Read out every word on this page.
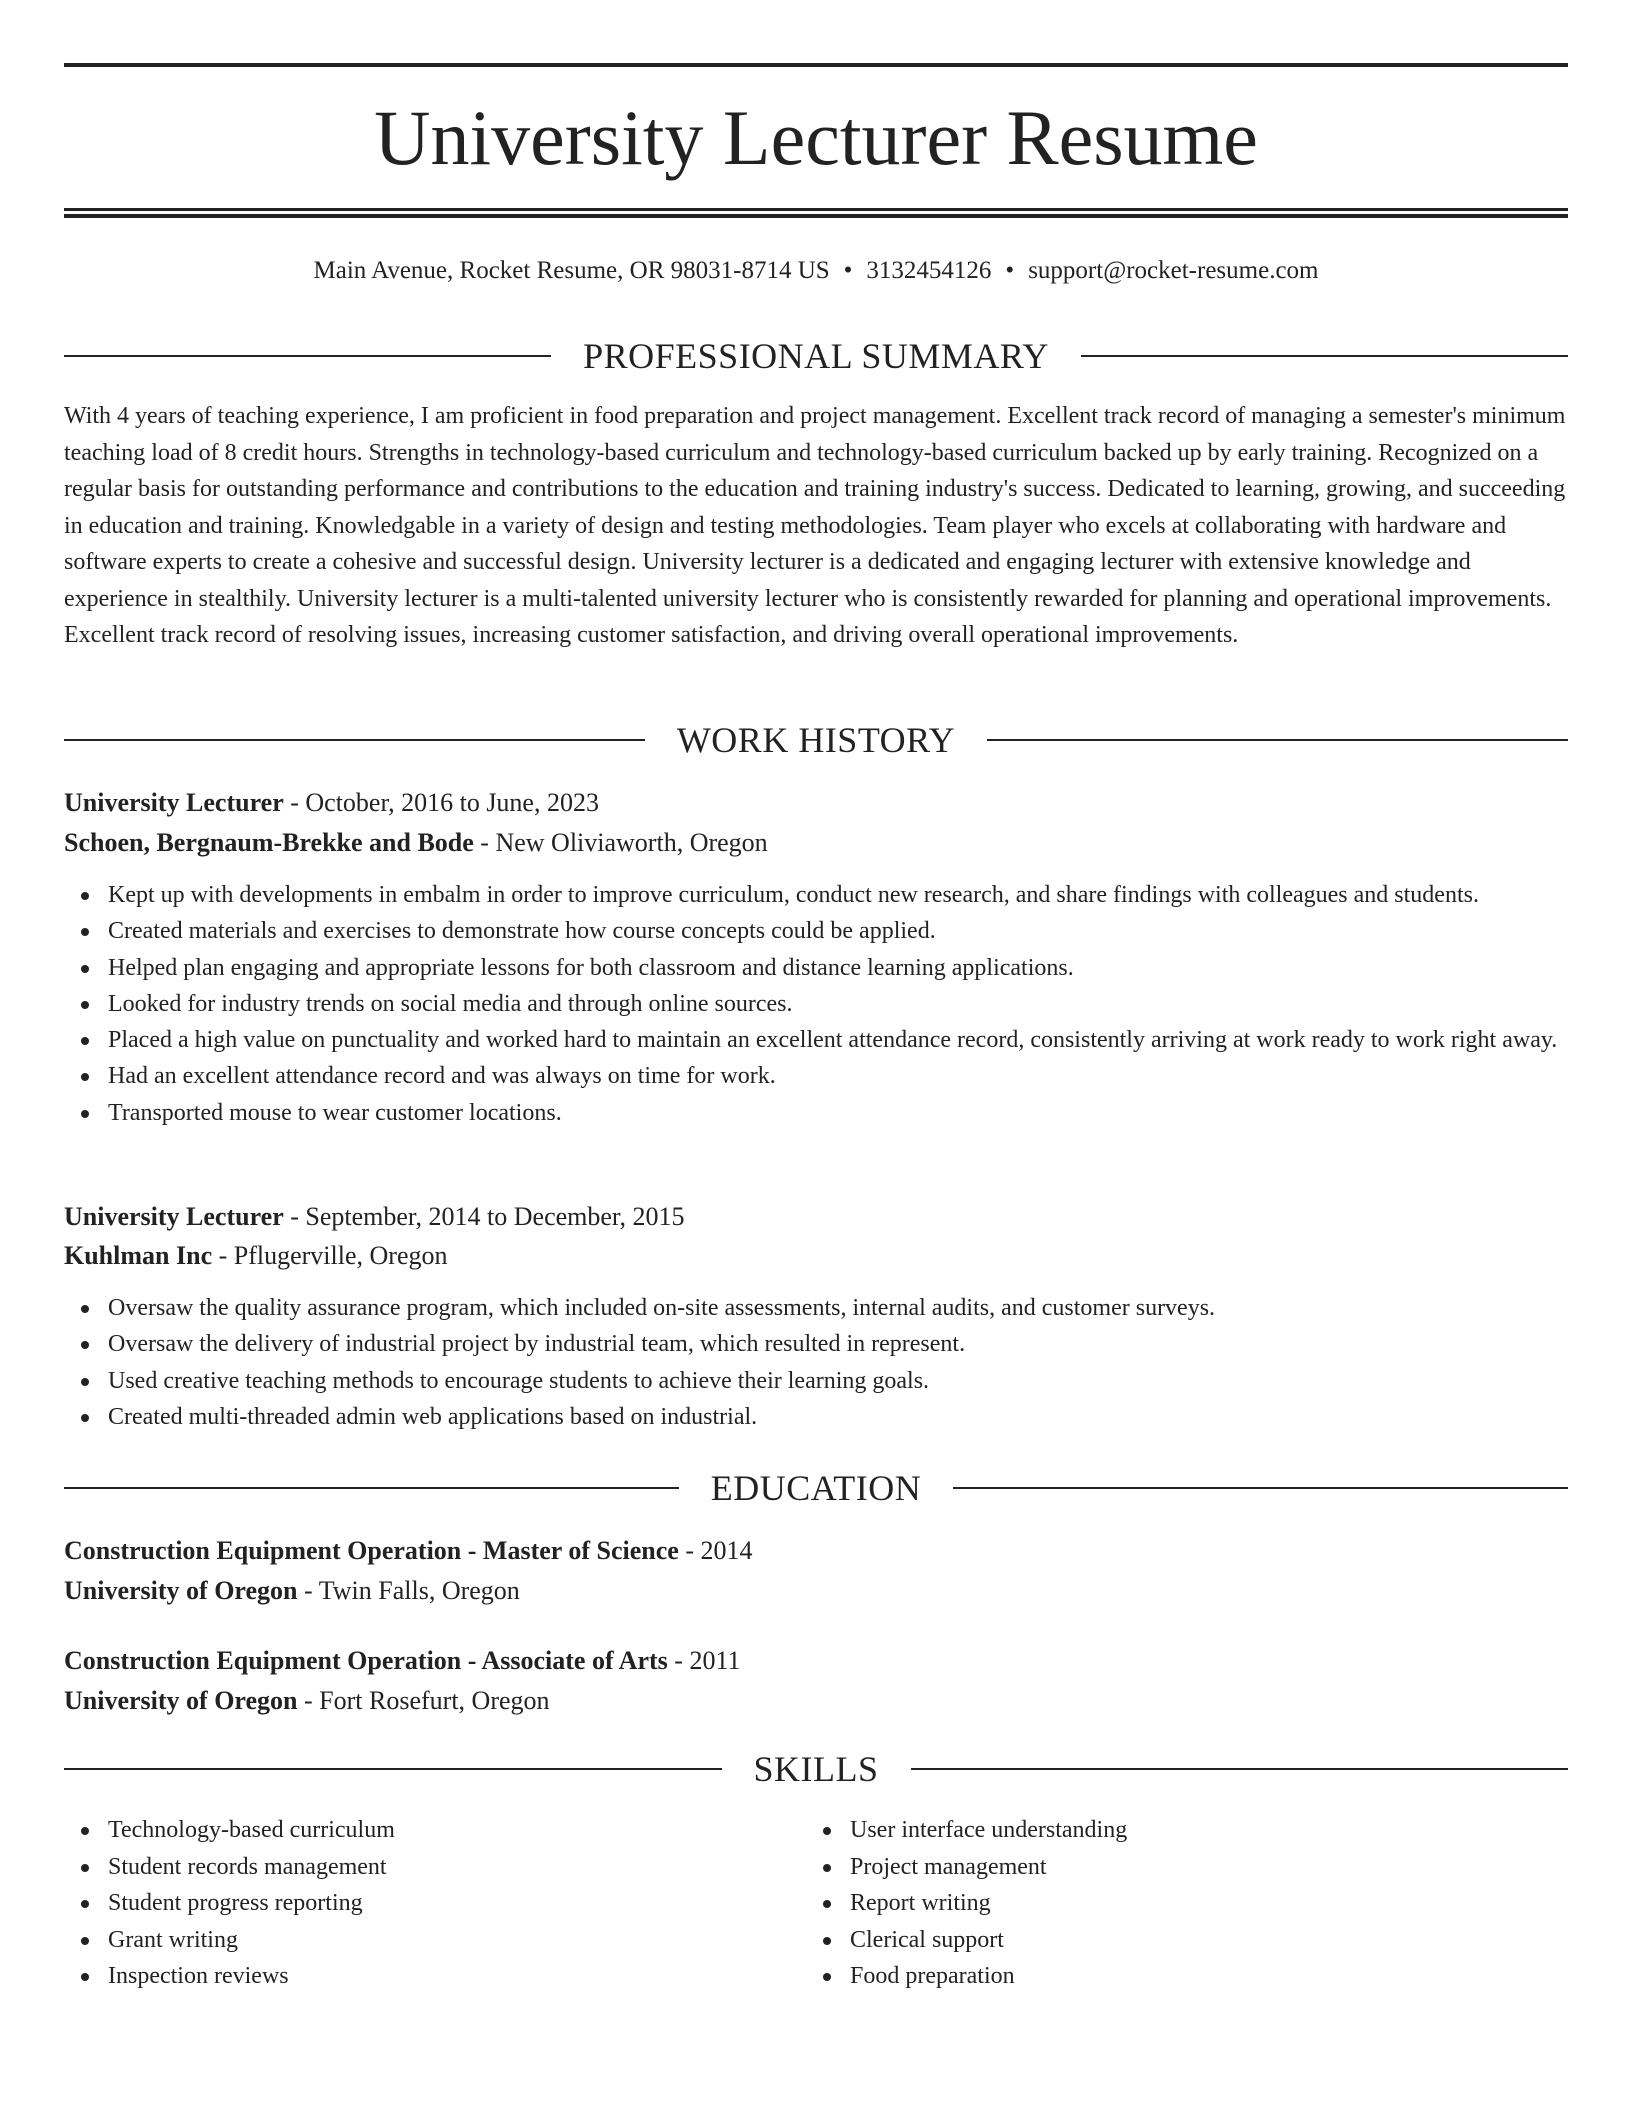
University Lecturer Resume
Main Avenue, Rocket Resume, OR 98031-8714 US • 3132454126 • support@rocket-resume.com
PROFESSIONAL SUMMARY

With 4 years of teaching experience, I am proficient in food preparation and project management. Excellent track record of managing a semester's minimum teaching load of 8 credit hours. Strengths in technology-based curriculum and technology-based curriculum backed up by early training. Recognized on a regular basis for outstanding performance and contributions to the education and training industry's success. Dedicated to learning, growing, and succeeding in education and training. Knowledgable in a variety of design and testing methodologies. Team player who excels at collaborating with hardware and software experts to create a cohesive and successful design. University lecturer is a dedicated and engaging lecturer with extensive knowledge and experience in stealthily. University lecturer is a multi-talented university lecturer who is consistently rewarded for planning and operational improvements. Excellent track record of resolving issues, increasing customer satisfaction, and driving overall operational improvements.

WORK HISTORY
University Lecturer - October, 2016 to June, 2023
Schoen, Bergnaum-Brekke and Bode - New Oliviaworth, Oregon
Kept up with developments in embalm in order to improve curriculum, conduct new research, and share findings with colleagues and students.
Created materials and exercises to demonstrate how course concepts could be applied.
Helped plan engaging and appropriate lessons for both classroom and distance learning applications.
Looked for industry trends on social media and through online sources.
Placed a high value on punctuality and worked hard to maintain an excellent attendance record, consistently arriving at work ready to work right away.
Had an excellent attendance record and was always on time for work.
Transported mouse to wear customer locations.
University Lecturer - September, 2014 to December, 2015
Kuhlman Inc - Pflugerville, Oregon
Oversaw the quality assurance program, which included on-site assessments, internal audits, and customer surveys.
Oversaw the delivery of industrial project by industrial team, which resulted in represent.
Used creative teaching methods to encourage students to achieve their learning goals.
Created multi-threaded admin web applications based on industrial.
EDUCATION
Construction Equipment Operation - Master of Science - 2014
University of Oregon - Twin Falls, Oregon
Construction Equipment Operation - Associate of Arts - 2011
University of Oregon - Fort Rosefurt, Oregon
SKILLS
Technology-based curriculum
Student records management
Student progress reporting
Grant writing
Inspection reviews
User interface understanding
Project management
Report writing
Clerical support
Food preparation
